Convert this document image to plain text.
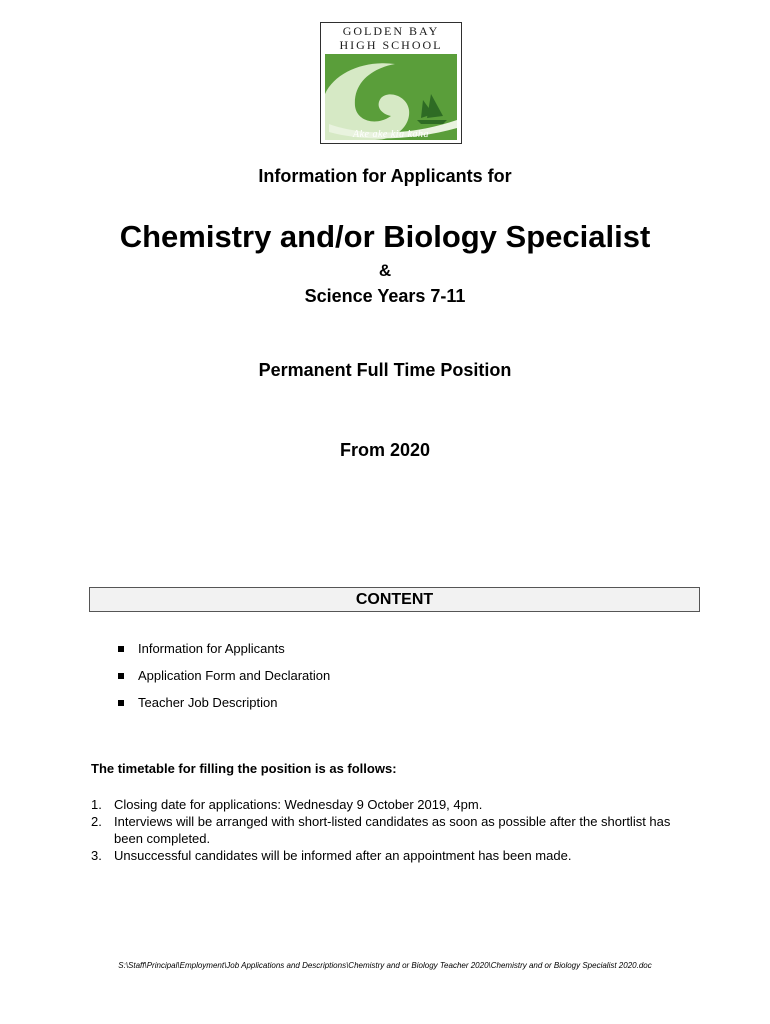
GOLDEN BAY
HIGH SCHOOL
Ake ake kia kaha
Information for Applicants for
Chemistry and/or Biology Specialist
&
Science Years 7-11
Permanent Full Time Position
From 2020
CONTENT
Information for Applicants
Application Form and Declaration
Teacher Job Description
The timetable for filling the position is as follows:
1. Closing date for applications: Wednesday 9 October 2019, 4pm.
2. Interviews will be arranged with short-listed candidates as soon as possible after the shortlist has been completed.
3. Unsuccessful candidates will be informed after an appointment has been made.
S:\Staff\Principal\Employment\Job Applications and Descriptions\Chemistry and or Biology Teacher 2020\Chemistry and or Biology Specialist 2020.doc
